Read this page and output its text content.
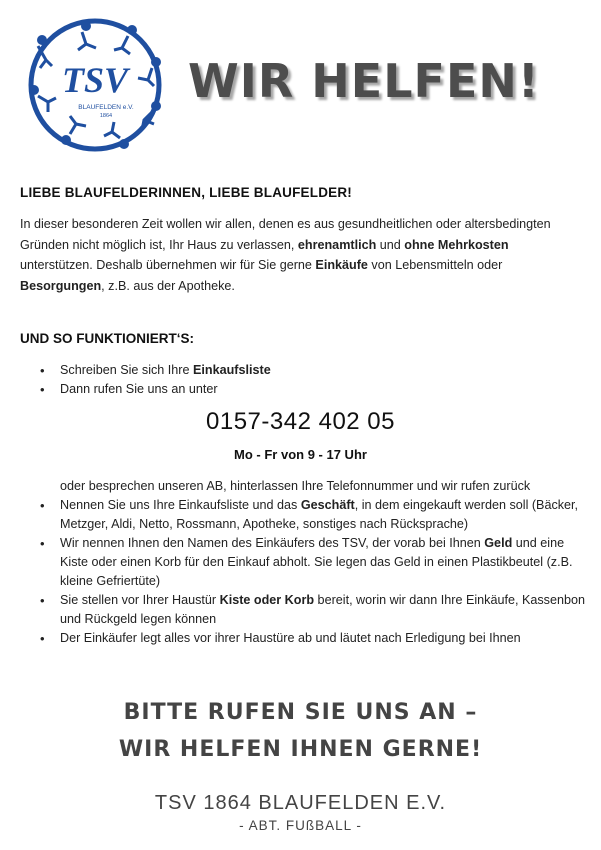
TSV
BLAUFELDEN e.V.
1864
WIR HELFEN!
LIEBE BLAUFELDERINNEN, LIEBE BLAUFELDER!
In dieser besonderen Zeit wollen wir allen, denen es aus gesundheitlichen oder altersbedingten Gründen nicht möglich ist, Ihr Haus zu verlassen, ehrenamtlich und ohne Mehrkosten unterstützen. Deshalb übernehmen wir für Sie gerne Einkäufe von Lebensmitteln oder Besorgungen, z.B. aus der Apotheke.
UND SO FUNKTIONIERT‘S:
• Schreiben Sie sich Ihre Einkaufsliste
• Dann rufen Sie uns an unter
0157-342 402 05
Mo - Fr von 9 - 17 Uhr
oder besprechen unseren AB, hinterlassen Ihre Telefonnummer und wir rufen zurück
• Nennen Sie uns Ihre Einkaufsliste und das Geschäft, in dem eingekauft werden soll (Bäcker, Metzger, Aldi, Netto, Rossmann, Apotheke, sonstiges nach Rücksprache)
• Wir nennen Ihnen den Namen des Einkäufers des TSV, der vorab bei Ihnen Geld und eine Kiste oder einen Korb für den Einkauf abholt. Sie legen das Geld in einen Plastikbeutel (z.B. kleine Gefriertüte)
• Sie stellen vor Ihrer Haustür Kiste oder Korb bereit, worin wir dann Ihre Einkäufe, Kassenbon und Rückgeld legen können
• Der Einkäufer legt alles vor ihrer Haustüre ab und läutet nach Erledigung bei Ihnen
BITTE RUFEN SIE UNS AN –
WIR HELFEN IHNEN GERNE!
TSV 1864 BLAUFELDEN E.V.
- ABT. FUßBALL -
